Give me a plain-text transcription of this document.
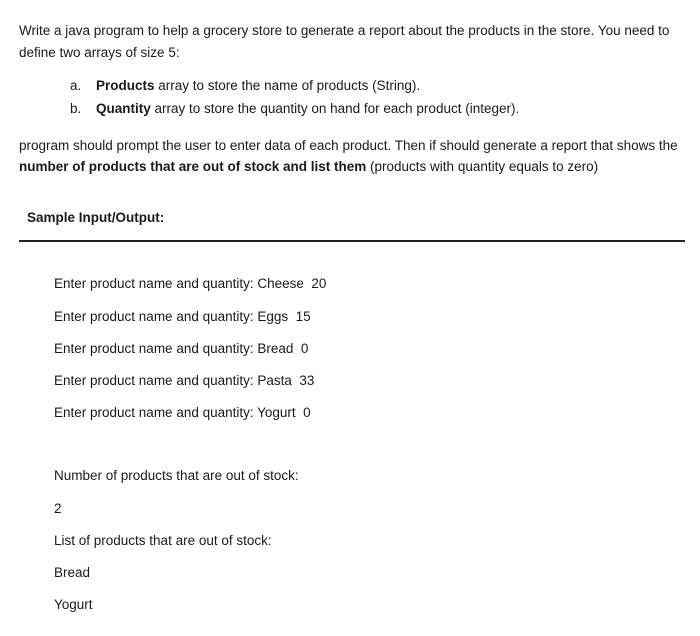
Write a java program to help a grocery store to generate a report about the products in the store. You need to define two arrays of size 5:
a.	Products array to store the name of products (String).
b.	Quantity array to store the quantity on hand for each product (integer).
program should prompt the user to enter data of each product. Then if should generate a report that shows the number of products that are out of stock and list them (products with quantity equals to zero)
Sample Input/Output:
Enter product name and quantity: Cheese  20
Enter product name and quantity: Eggs  15
Enter product name and quantity: Bread  0
Enter product name and quantity: Pasta  33
Enter product name and quantity: Yogurt  0
Number of products that are out of stock:
2
List of products that are out of stock:
Bread
Yogurt
